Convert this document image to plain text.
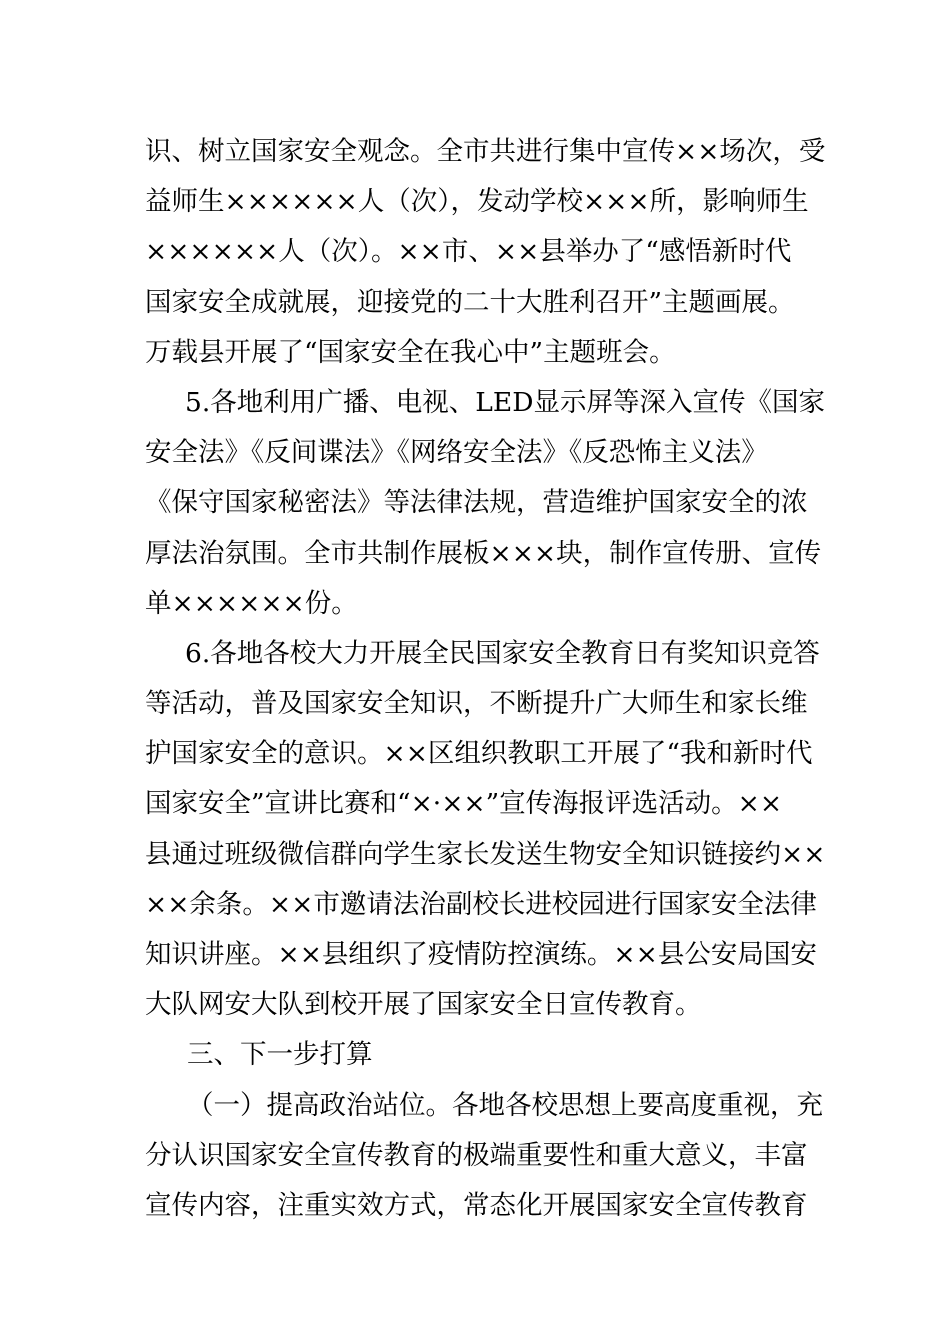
识、树立国家安全观念。全市共进行集中宣传××场次，受
益师生××××××人（次），发动学校×××所，影响师生
××××××人（次）。××市、××县举办了“感悟新时代
国家安全成就展，迎接党的二十大胜利召开”主题画展。
万载县开展了“国家安全在我心中”主题班会。
5.各地利用广播、电视、LED显示屏等深入宣传《国家
安全法》《反间谍法》《网络安全法》《反恐怖主义法》
《保守国家秘密法》等法律法规，营造维护国家安全的浓
厚法治氛围。全市共制作展板×××块，制作宣传册、宣传
单××××××份。
6.各地各校大力开展全民国家安全教育日有奖知识竞答
等活动，普及国家安全知识，不断提升广大师生和家长维
护国家安全的意识。××区组织教职工开展了“我和新时代
国家安全”宣讲比赛和“×·××”宣传海报评选活动。××
县通过班级微信群向学生家长发送生物安全知识链接约××
××余条。××市邀请法治副校长进校园进行国家安全法律
知识讲座。××县组织了疫情防控演练。××县公安局国安
大队网安大队到校开展了国家安全日宣传教育。
三、下一步打算
（一）提高政治站位。各地各校思想上要高度重视，充
分认识国家安全宣传教育的极端重要性和重大意义，丰富
宣传内容，注重实效方式，常态化开展国家安全宣传教育
